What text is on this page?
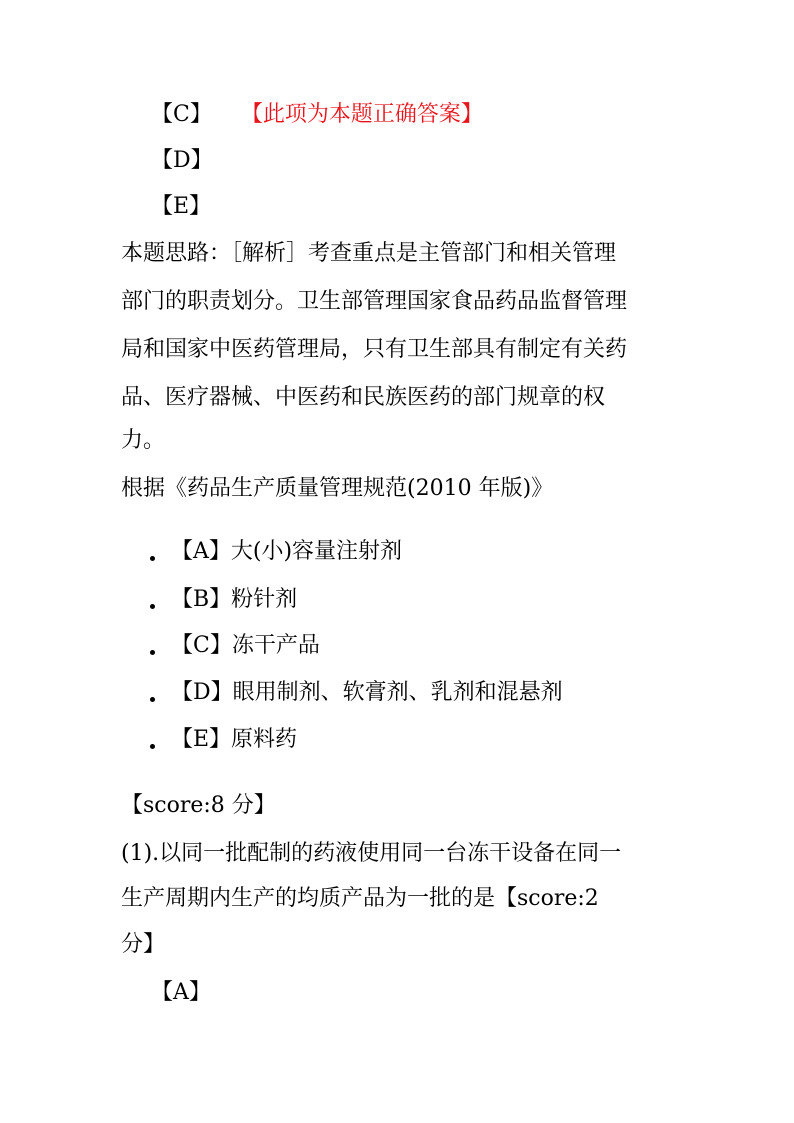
【C】 【此项为本题正确答案】
【D】
【E】
本题思路：［解析］考查重点是主管部门和相关管理
部门的职责划分。卫生部管理国家食品药品监督管理
局和国家中医药管理局，只有卫生部具有制定有关药
品、医疗器械、中医药和民族医药的部门规章的权
力。
根据《药品生产质量管理规范(2010 年版)》
【A】大(小)容量注射剂
【B】粉针剂
【C】冻干产品
【D】眼用制剂、软膏剂、乳剂和混悬剂
【E】原料药
【score:8 分】
(1).以同一批配制的药液使用同一台冻干设备在同一
生产周期内生产的均质产品为一批的是【score:2
分】
【A】
